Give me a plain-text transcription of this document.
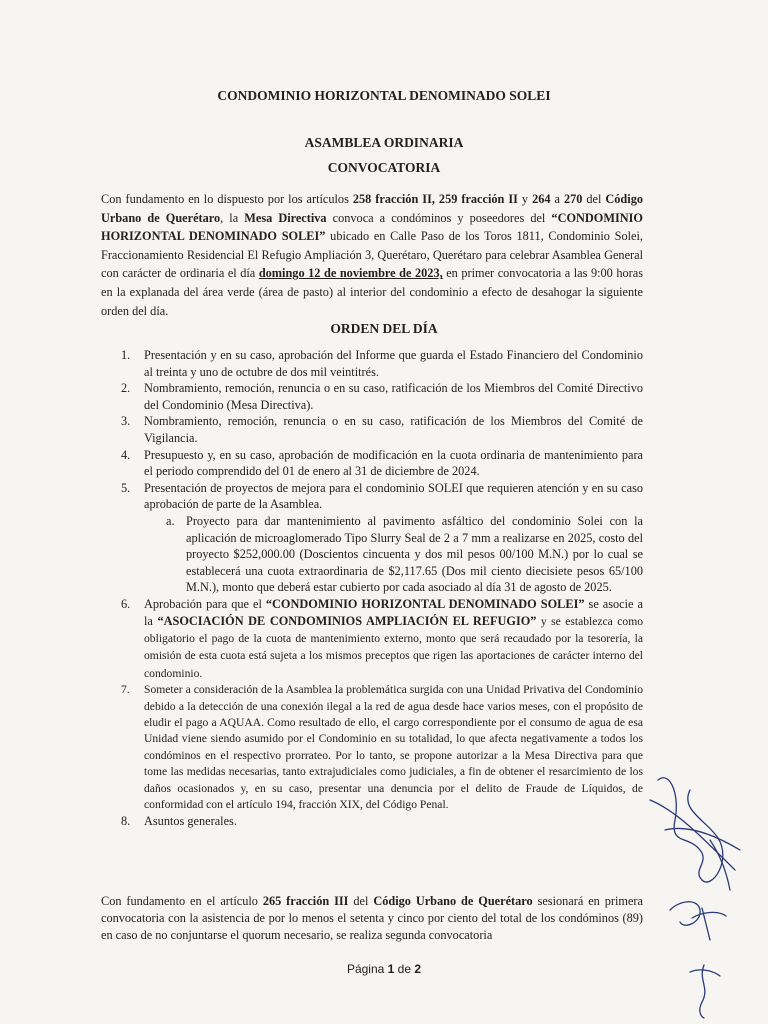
CONDOMINIO HORIZONTAL DENOMINADO SOLEI
ASAMBLEA ORDINARIA
CONVOCATORIA
Con fundamento en lo dispuesto por los artículos 258 fracción II, 259 fracción II y 264 a 270 del Código Urbano de Querétaro, la Mesa Directiva convoca a condóminos y poseedores del “CONDOMINIO HORIZONTAL DENOMINADO SOLEI” ubicado en Calle Paso de los Toros 1811, Condominio Solei, Fraccionamiento Residencial El Refugio Ampliación 3, Querétaro, Querétaro para celebrar Asamblea General con carácter de ordinaria el día domingo 12 de noviembre de 2023, en primer convocatoria a las 9:00 horas en la explanada del área verde (área de pasto) al interior del condominio a efecto de desahogar la siguiente orden del día.
ORDEN DEL DÍA
1. Presentación y en su caso, aprobación del Informe que guarda el Estado Financiero del Condominio al treinta y uno de octubre de dos mil veintitrés.
2. Nombramiento, remoción, renuncia o en su caso, ratificación de los Miembros del Comité Directivo del Condominio (Mesa Directiva).
3. Nombramiento, remoción, renuncia o en su caso, ratificación de los Miembros del Comité de Vigilancia.
4. Presupuesto y, en su caso, aprobación de modificación en la cuota ordinaria de mantenimiento para el periodo comprendido del 01 de enero al 31 de diciembre de 2024.
5. Presentación de proyectos de mejora para el condominio SOLEI que requieren atención y en su caso aprobación de parte de la Asamblea.
a. Proyecto para dar mantenimiento al pavimento asfáltico del condominio Solei con la aplicación de microaglomerado Tipo Slurry Seal de 2 a 7 mm a realizarse en 2025, costo del proyecto $252,000.00 (Doscientos cincuenta y dos mil pesos 00/100 M.N.) por lo cual se establecerá una cuota extraordinaria de $2,117.65 (Dos mil ciento diecisiete pesos 65/100 M.N.), monto que deberá estar cubierto por cada asociado al día 31 de agosto de 2025.
6. Aprobación para que el “CONDOMINIO HORIZONTAL DENOMINADO SOLEI” se asocie a la “ASOCIACIÓN DE CONDOMINIOS AMPLIACIÓN EL REFUGIO” y se establezca como obligatorio el pago de la cuota de mantenimiento externo, monto que será recaudado por la tesorería, la omisión de esta cuota está sujeta a los mismos preceptos que rigen las aportaciones de carácter interno del condominio.
7. Someter a consideración de la Asamblea la problemática surgida con una Unidad Privativa del Condominio debido a la detección de una conexión ilegal a la red de agua desde hace varios meses, con el propósito de eludir el pago a AQUAA. Como resultado de ello, el cargo correspondiente por el consumo de agua de esa Unidad viene siendo asumido por el Condominio en su totalidad, lo que afecta negativamente a todos los condóminos en el respectivo prorrateo. Por lo tanto, se propone autorizar a la Mesa Directiva para que tome las medidas necesarias, tanto extrajudiciales como judiciales, a fin de obtener el resarcimiento de los daños ocasionados y, en su caso, presentar una denuncia por el delito de Fraude de Líquidos, de conformidad con el artículo 194, fracción XIX, del Código Penal.
8. Asuntos generales.
Con fundamento en el artículo 265 fracción III del Código Urbano de Querétaro sesionará en primera convocatoria con la asistencia de por lo menos el setenta y cinco por ciento del total de los condóminos (89) en caso de no conjuntarse el quorum necesario, se realiza segunda convocatoria
Página 1 de 2
